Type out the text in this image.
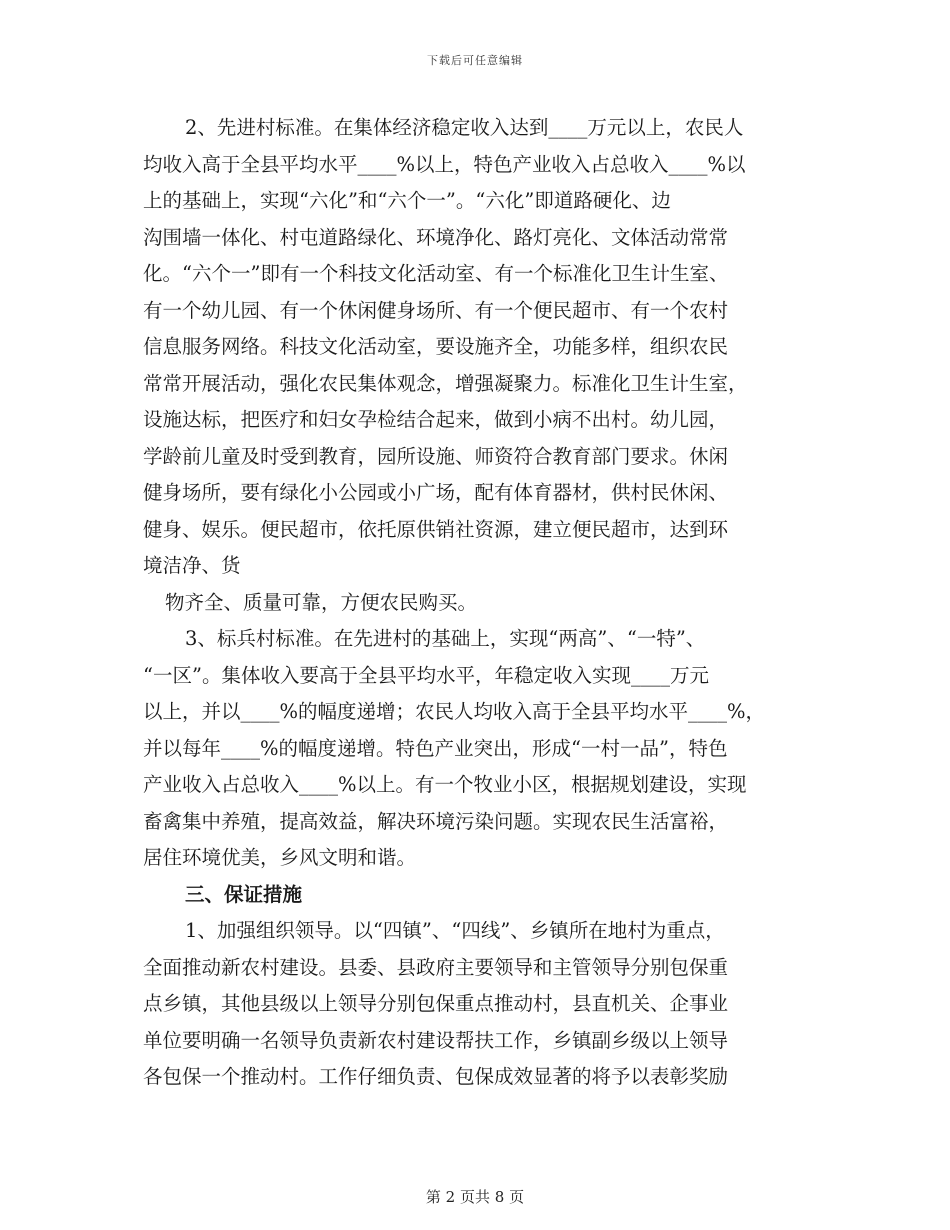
下载后可任意编辑
2、先进村标准。在集体经济稳定收入达到____万元以上，农民人
均收入高于全县平均水平____%以上，特色产业收入占总收入____%以
上的基础上，实现“六化”和“六个一”。“六化”即道路硬化、边
沟围墙一体化、村屯道路绿化、环境净化、路灯亮化、文体活动常常
化。“六个一”即有一个科技文化活动室、有一个标准化卫生计生室、
有一个幼儿园、有一个休闲健身场所、有一个便民超市、有一个农村
信息服务网络。科技文化活动室，要设施齐全，功能多样，组织农民
常常开展活动，强化农民集体观念，增强凝聚力。标准化卫生计生室，
设施达标，把医疗和妇女孕检结合起来，做到小病不出村。幼儿园，
学龄前儿童及时受到教育，园所设施、师资符合教育部门要求。休闲
健身场所，要有绿化小公园或小广场，配有体育器材，供村民休闲、
健身、娱乐。便民超市，依托原供销社资源，建立便民超市，达到环
境洁净、货
物齐全、质量可靠，方便农民购买。
3、标兵村标准。在先进村的基础上，实现“两高”、“一特”、
“一区”。集体收入要高于全县平均水平，年稳定收入实现____万元
以上，并以____%的幅度递增；农民人均收入高于全县平均水平____%，
并以每年____%的幅度递增。特色产业突出，形成“一村一品”，特色
产业收入占总收入____%以上。有一个牧业小区，根据规划建设，实现
畜禽集中养殖，提高效益，解决环境污染问题。实现农民生活富裕，
居住环境优美，乡风文明和谐。
三、保证措施
1、加强组织领导。以“四镇”、“四线”、乡镇所在地村为重点，
全面推动新农村建设。县委、县政府主要领导和主管领导分别包保重
点乡镇，其他县级以上领导分别包保重点推动村，县直机关、企事业
单位要明确一名领导负责新农村建设帮扶工作，乡镇副乡级以上领导
各包保一个推动村。工作仔细负责、包保成效显著的将予以表彰奖励
第 2 页共 8 页
